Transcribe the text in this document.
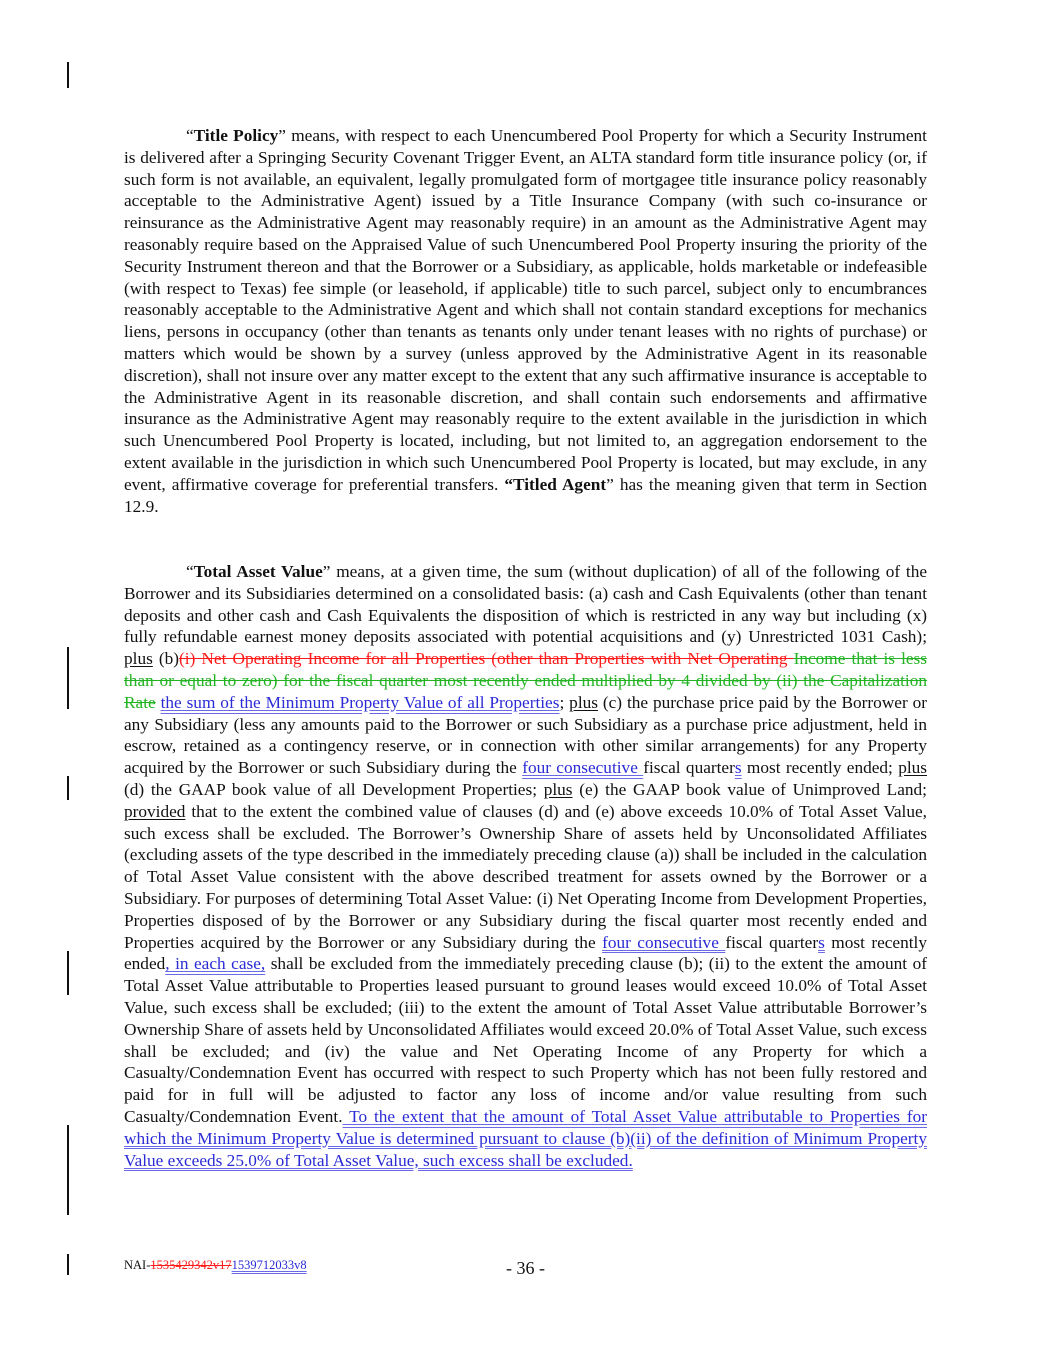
“Title Policy” means, with respect to each Unencumbered Pool Property for which a Security Instrument is delivered after a Springing Security Covenant Trigger Event, an ALTA standard form title insurance policy (or, if such form is not available, an equivalent, legally promulgated form of mortgagee title insurance policy reasonably acceptable to the Administrative Agent) issued by a Title Insurance Company (with such co-insurance or reinsurance as the Administrative Agent may reasonably require) in an amount as the Administrative Agent may reasonably require based on the Appraised Value of such Unencumbered Pool Property insuring the priority of the Security Instrument thereon and that the Borrower or a Subsidiary, as applicable, holds marketable or indefeasible (with respect to Texas) fee simple (or leasehold, if applicable) title to such parcel, subject only to encumbrances reasonably acceptable to the Administrative Agent and which shall not contain standard exceptions for mechanics liens, persons in occupancy (other than tenants as tenants only under tenant leases with no rights of purchase) or matters which would be shown by a survey (unless approved by the Administrative Agent in its reasonable discretion), shall not insure over any matter except to the extent that any such affirmative insurance is acceptable to the Administrative Agent in its reasonable discretion, and shall contain such endorsements and affirmative insurance as the Administrative Agent may reasonably require to the extent available in the jurisdiction in which such Unencumbered Pool Property is located, including, but not limited to, an aggregation endorsement to the extent available in the jurisdiction in which such Unencumbered Pool Property is located, but may exclude, in any event, affirmative coverage for preferential transfers. “Titled Agent” has the meaning given that term in Section 12.9.

“Total Asset Value” means, at a given time, the sum (without duplication) of all of the following of the Borrower and its Subsidiaries determined on a consolidated basis: (a) cash and Cash Equivalents (other than tenant deposits and other cash and Cash Equivalents the disposition of which is restricted in any way but including (x) fully refundable earnest money deposits associated with potential acquisitions and (y) Unrestricted 1031 Cash); plus (b)(i) Net Operating Income for all Properties (other than Properties with Net Operating Income that is less than or equal to zero) for the fiscal quarter most recently ended multiplied by 4 divided by (ii) the Capitalization Rate the sum of the Minimum Property Value of all Properties; plus (c) the purchase price paid by the Borrower or any Subsidiary (less any amounts paid to the Borrower or such Subsidiary as a purchase price adjustment, held in escrow, retained as a contingency reserve, or in connection with other similar arrangements) for any Property acquired by the Borrower or such Subsidiary during the four consecutive fiscal quarters most recently ended; plus (d) the GAAP book value of all Development Properties; plus (e) the GAAP book value of Unimproved Land; provided that to the extent the combined value of clauses (d) and (e) above exceeds 10.0% of Total Asset Value, such excess shall be excluded. The Borrower’s Ownership Share of assets held by Unconsolidated Affiliates (excluding assets of the type described in the immediately preceding clause (a)) shall be included in the calculation of Total Asset Value consistent with the above described treatment for assets owned by the Borrower or a Subsidiary. For purposes of determining Total Asset Value: (i) Net Operating Income from Development Properties, Properties disposed of by the Borrower or any Subsidiary during the fiscal quarter most recently ended and Properties acquired by the Borrower or any Subsidiary during the four consecutive fiscal quarters most recently ended, in each case, shall be excluded from the immediately preceding clause (b); (ii) to the extent the amount of Total Asset Value attributable to Properties leased pursuant to ground leases would exceed 10.0% of Total Asset Value, such excess shall be excluded; (iii) to the extent the amount of Total Asset Value attributable Borrower’s Ownership Share of assets held by Unconsolidated Affiliates would exceed 20.0% of Total Asset Value, such excess shall be excluded; and (iv) the value and Net Operating Income of any Property for which a Casualty/Condemnation Event has occurred with respect to such Property which has not been fully restored and paid for in full will be adjusted to factor any loss of income and/or value resulting from such Casualty/Condemnation Event. To the extent that the amount of Total Asset Value attributable to Properties for which the Minimum Property Value is determined pursuant to clause (b)(ii) of the definition of Minimum Property Value exceeds 25.0% of Total Asset Value, such excess shall be excluded.

NAI-1535429342v171539712033v8	- 36 -
